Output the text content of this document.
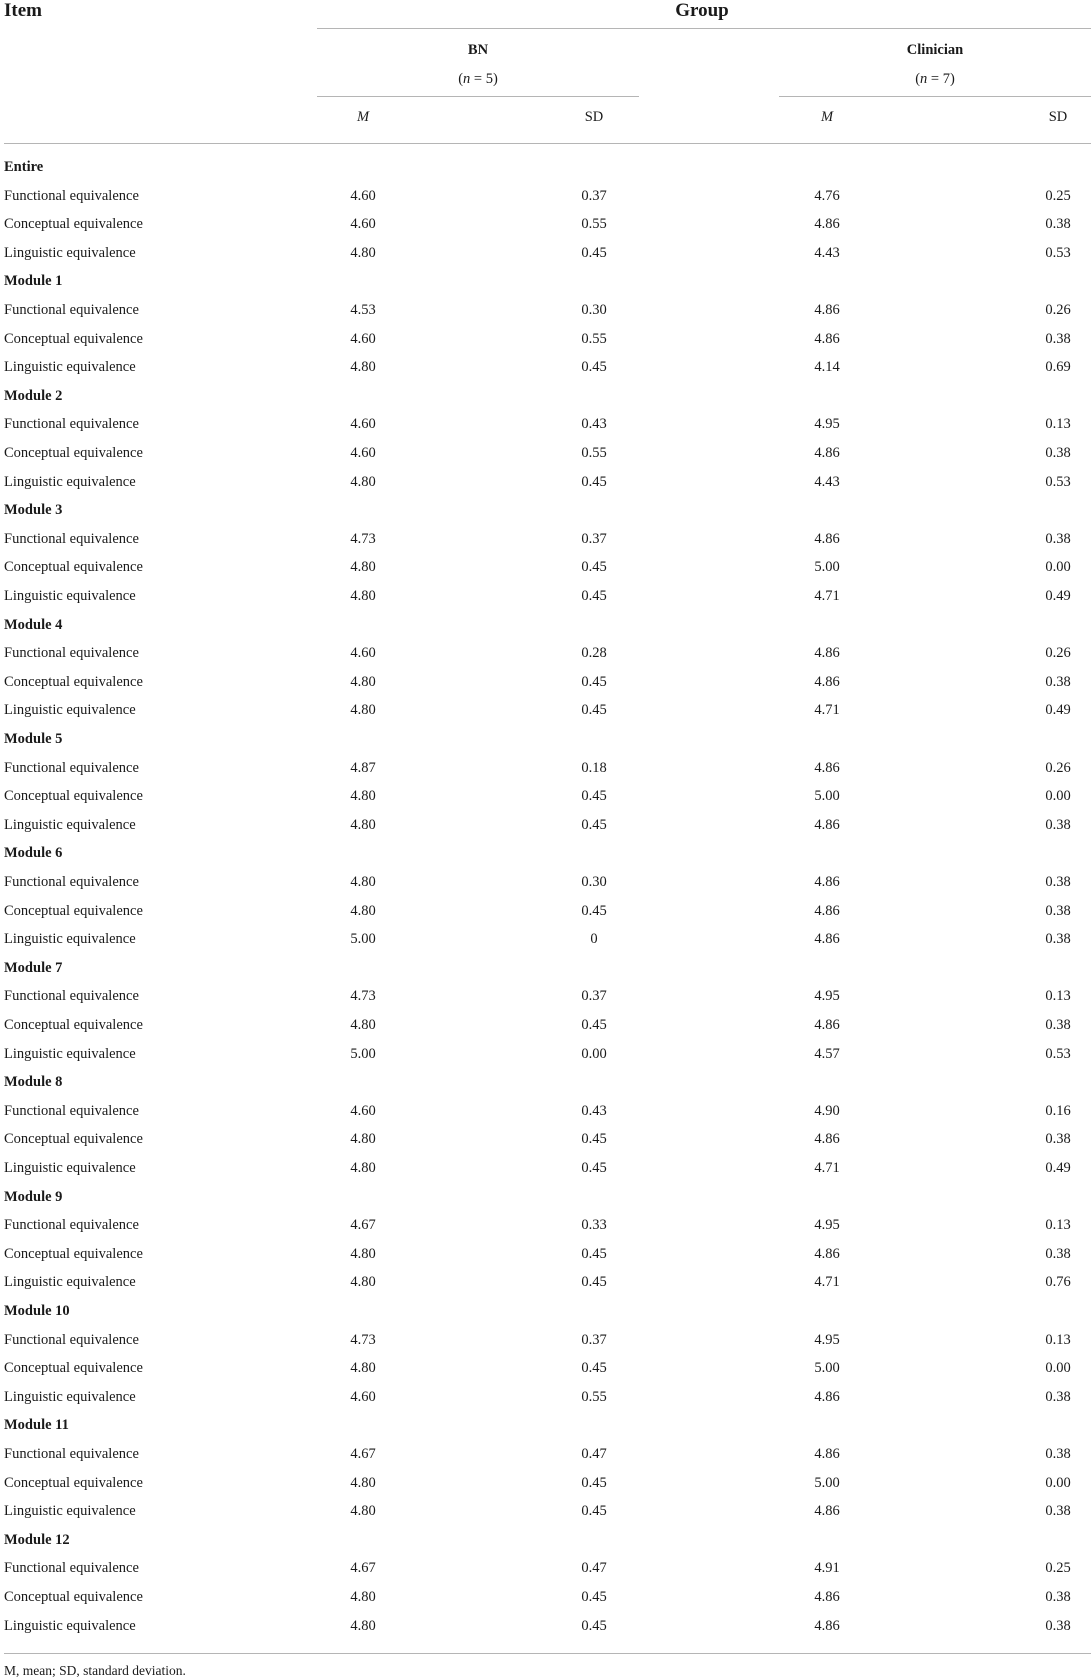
Item	Group
BN
(n = 5)
Clinician
(n = 7)
M	SD	M	SD
Entire
Functional equivalence	4.60	0.37	4.76	0.25
Conceptual equivalence	4.60	0.55	4.86	0.38
Linguistic equivalence	4.80	0.45	4.43	0.53
Module 1
Functional equivalence	4.53	0.30	4.86	0.26
Conceptual equivalence	4.60	0.55	4.86	0.38
Linguistic equivalence	4.80	0.45	4.14	0.69
Module 2
Functional equivalence	4.60	0.43	4.95	0.13
Conceptual equivalence	4.60	0.55	4.86	0.38
Linguistic equivalence	4.80	0.45	4.43	0.53
Module 3
Functional equivalence	4.73	0.37	4.86	0.38
Conceptual equivalence	4.80	0.45	5.00	0.00
Linguistic equivalence	4.80	0.45	4.71	0.49
Module 4
Functional equivalence	4.60	0.28	4.86	0.26
Conceptual equivalence	4.80	0.45	4.86	0.38
Linguistic equivalence	4.80	0.45	4.71	0.49
Module 5
Functional equivalence	4.87	0.18	4.86	0.26
Conceptual equivalence	4.80	0.45	5.00	0.00
Linguistic equivalence	4.80	0.45	4.86	0.38
Module 6
Functional equivalence	4.80	0.30	4.86	0.38
Conceptual equivalence	4.80	0.45	4.86	0.38
Linguistic equivalence	5.00	0	4.86	0.38
Module 7
Functional equivalence	4.73	0.37	4.95	0.13
Conceptual equivalence	4.80	0.45	4.86	0.38
Linguistic equivalence	5.00	0.00	4.57	0.53
Module 8
Functional equivalence	4.60	0.43	4.90	0.16
Conceptual equivalence	4.80	0.45	4.86	0.38
Linguistic equivalence	4.80	0.45	4.71	0.49
Module 9
Functional equivalence	4.67	0.33	4.95	0.13
Conceptual equivalence	4.80	0.45	4.86	0.38
Linguistic equivalence	4.80	0.45	4.71	0.76
Module 10
Functional equivalence	4.73	0.37	4.95	0.13
Conceptual equivalence	4.80	0.45	5.00	0.00
Linguistic equivalence	4.60	0.55	4.86	0.38
Module 11
Functional equivalence	4.67	0.47	4.86	0.38
Conceptual equivalence	4.80	0.45	5.00	0.00
Linguistic equivalence	4.80	0.45	4.86	0.38
Module 12
Functional equivalence	4.67	0.47	4.91	0.25
Conceptual equivalence	4.80	0.45	4.86	0.38
Linguistic equivalence	4.80	0.45	4.86	0.38
M, mean; SD, standard deviation.
